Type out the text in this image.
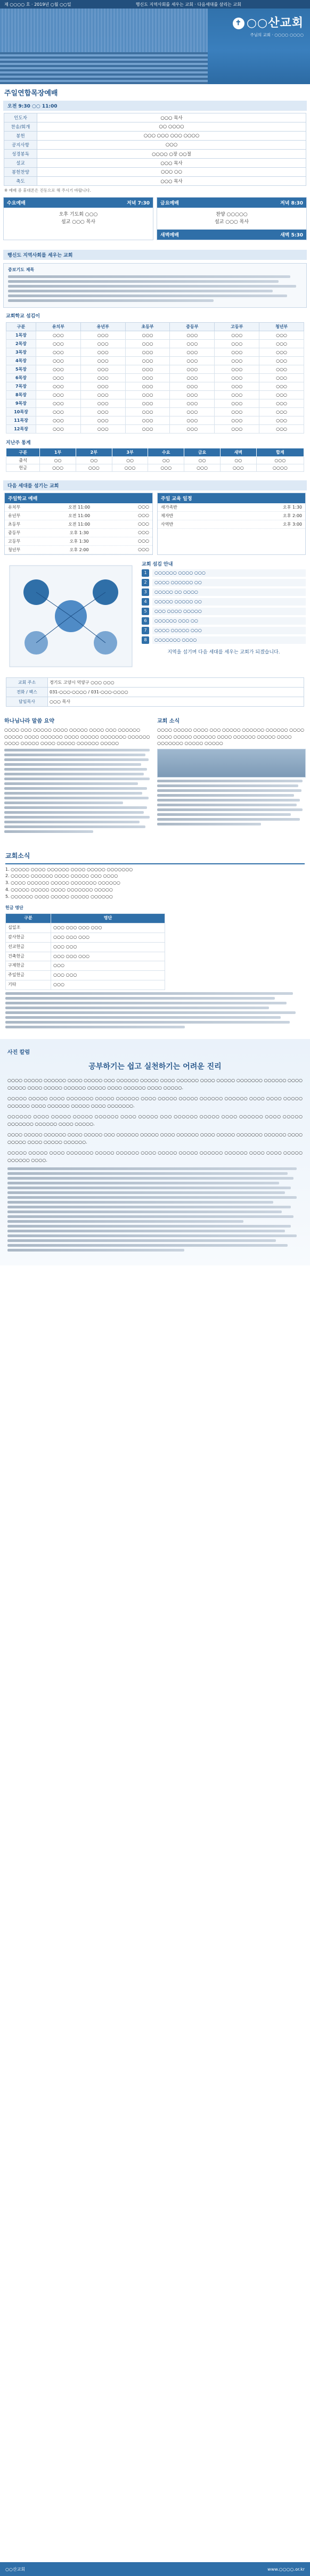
제 ○○○○ 호 · 2019년 ○월 ○○일	행신도 지역사회를 세우는 교회 · 다음세대를 살리는 교회
✝ ○○산교회
주님의 교회 · ○○○○ ○○○○
주일연합목장예배
오전 9:30 ○○ 11:00
인도자	○○○ 목사
찬송/회개	○○ ○○○○
봉헌	○○○ ○○○ ○○○ ○○○○
공지사항	○○○
성경봉독	○○○○ ○장 ○○절
설교	○○○ 목사
봉헌찬양	○○○ ○○
축도	○○○ 목사
※ 예배 중 휴대폰은 진동으로 해 주시기 바랍니다.
수요예배	저녁 7:30
오후 기도회 ○○○
설교 ○○○ 목사
금요예배	저녁 8:30
찬양 ○○○○○
설교 ○○○ 목사
새벽예배	새벽 5:30
행신도 지역사회를 세우는 교회
중보기도 제목
교회학교 섬김이
구분	유치부	유년부	초등부	중등부	고등부	청년부
1목장	○○○	○○○	○○○	○○○	○○○	○○○
2목장	○○○	○○○	○○○	○○○	○○○	○○○
3목장	○○○	○○○	○○○	○○○	○○○	○○○
4목장	○○○	○○○	○○○	○○○	○○○	○○○
5목장	○○○	○○○	○○○	○○○	○○○	○○○
6목장	○○○	○○○	○○○	○○○	○○○	○○○
7목장	○○○	○○○	○○○	○○○	○○○	○○○
8목장	○○○	○○○	○○○	○○○	○○○	○○○
9목장	○○○	○○○	○○○	○○○	○○○	○○○
10목장	○○○	○○○	○○○	○○○	○○○	○○○
11목장	○○○	○○○	○○○	○○○	○○○	○○○
12목장	○○○	○○○	○○○	○○○	○○○	○○○
지난주 통계
구분	1부	2부	3부	수요	금요	새벽	합계
출석	○○	○○	○○	○○	○○	○○	○○○
헌금	○○○	○○○	○○○	○○○	○○○	○○○	○○○○
다음 세대를 섬기는 교회
주일학교 예배
유치부	오전 11:00	○○○
유년부	오전 11:00	○○○
초등부	오전 11:00	○○○
중등부	오후 1:30	○○○
고등부	오후 1:30	○○○
청년부	오후 2:00	○○○
주일 교육 일정
새가족반	오후 1:30
제자반	오후 2:00
사역반	오후 3:00
교회 섬김 안내
1	○○○○○○ ○○○○ ○○○
2	○○○○ ○○○○○○ ○○
3	○○○○○ ○○ ○○○○
4	○○○○○ ○○○○○ ○○
5	○○○ ○○○○ ○○○○○
6	○○○○○○ ○○○ ○○
7	○○○○ ○○○○○ ○○○
8	○○○○○○○ ○○○○
지역을 섬기며 다음 세대를 세우는 교회가 되겠습니다.
교회 주소	경기도 고양시 덕양구 ○○○ ○○○
전화 / 팩스	031-○○○-○○○○ / 031-○○○-○○○○
담임목사	○○○ 목사
하나님나라 말씀 요약
○○○○ ○○○ ○○○○○ ○○○○ ○○○○○ ○○○○ ○○○ ○○○○○○ ○○○○○ ○○○○ ○○○○○○ ○○○○ ○○○○○ ○○○○○○○ ○○○○○○ ○○○○ ○○○○○ ○○○○ ○○○○○ ○○○○○○ ○○○○○
교회 소식
○○○○ ○○○○○ ○○○○ ○○○ ○○○○○ ○○○○○○ ○○○○○○ ○○○○ ○○○○ ○○○○○ ○○○○○○ ○○○○ ○○○○○○ ○○○○○ ○○○○ ○○○○○○○ ○○○○○ ○○○○○
교회소식
1. ○○○○○ ○○○○ ○○○○○○ ○○○○ ○○○○○ ○○○○○○○
2. ○○○○○ ○○○○○○ ○○○○ ○○○○○ ○○○ ○○○○
3. ○○○○ ○○○○○○ ○○○○○ ○○○○○○○ ○○○○○○
4. ○○○○○ ○○○○○ ○○○○ ○○○○○○○ ○○○○○
5. ○○○○○○ ○○○○ ○○○○○ ○○○○○ ○○○○○○
헌금 명단
구분	명단
십일조	○○○ ○○○ ○○○ ○○○
감사헌금	○○○ ○○○ ○○○
선교헌금	○○○ ○○○
건축헌금	○○○ ○○○ ○○○
구제헌금	○○○
주일헌금	○○○ ○○○
기타	○○○
사진 칼럼
공부하기는 쉽고 실천하기는 어려운 진리

○○○○ ○○○○○ ○○○○○○ ○○○○ ○○○○○ ○○○ ○○○○○○ ○○○○○ ○○○○ ○○○○○○ ○○○○ ○○○○○ ○○○○○○○ ○○○○○○ ○○○○ ○○○○○ ○○○○ ○○○○○ ○○○○○○ ○○○○○ ○○○○ ○○○○○○ ○○○○ ○○○○○.

○○○○○ ○○○○○ ○○○○ ○○○○○○○ ○○○○○ ○○○○○○ ○○○○ ○○○○○ ○○○○○ ○○○○○○ ○○○○○○ ○○○○ ○○○○ ○○○○○ ○○○○○○ ○○○○ ○○○○○○ ○○○○○ ○○○○ ○○○○○○○.

○○○○○○ ○○○○ ○○○○○ ○○○○○ ○○○○○○ ○○○○ ○○○○○ ○○○ ○○○○○○ ○○○○○ ○○○○ ○○○○○○ ○○○○ ○○○○○ ○○○○○○○ ○○○○○○ ○○○○ ○○○○○.

○○○○ ○○○○○ ○○○○○○ ○○○○ ○○○○○ ○○○ ○○○○○○ ○○○○○ ○○○○ ○○○○○○ ○○○○ ○○○○○ ○○○○○○○ ○○○○○○ ○○○○ ○○○○○ ○○○○ ○○○○○ ○○○○○○.

○○○○○ ○○○○○ ○○○○ ○○○○○○○ ○○○○○ ○○○○○○ ○○○○ ○○○○○ ○○○○○ ○○○○○○ ○○○○○○ ○○○○ ○○○○ ○○○○○ ○○○○○○ ○○○○.

○○산교회	www.○○○○.or.kr
